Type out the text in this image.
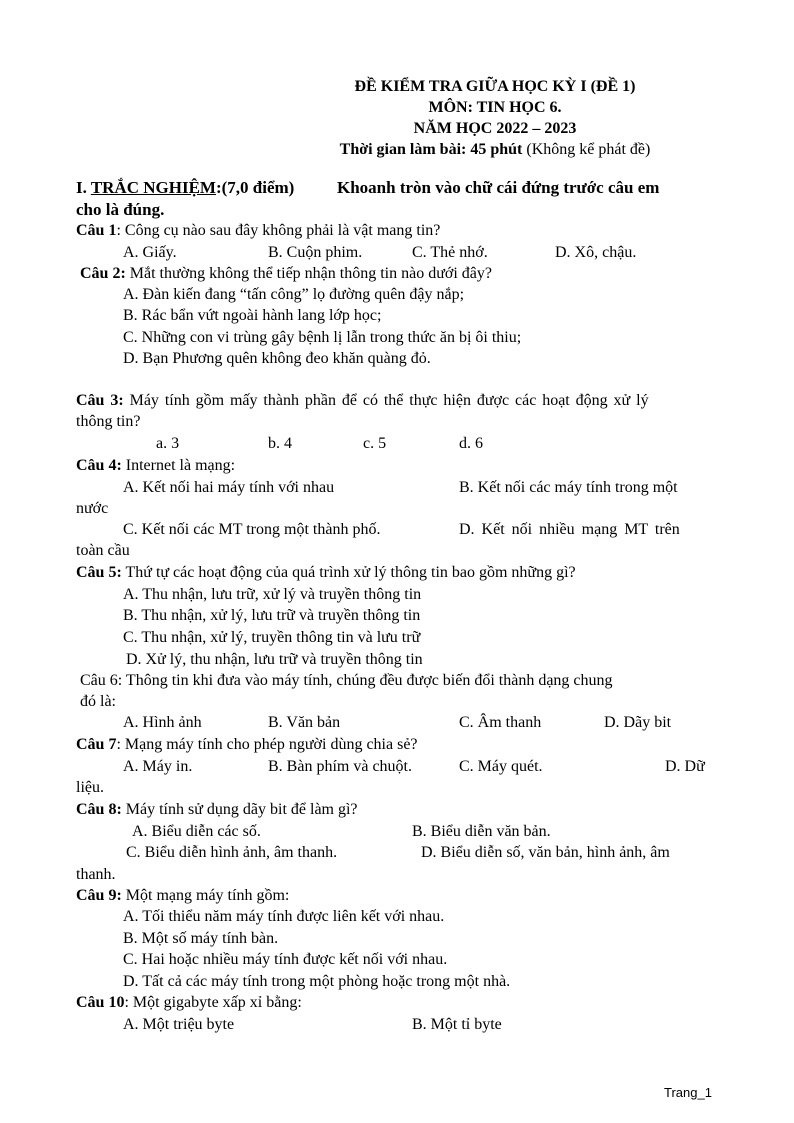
ĐỀ KIỂM TRA GIỮA HỌC KỲ I (ĐỀ 1)
MÔN: TIN HỌC 6.
NĂM HỌC 2022 – 2023
Thời gian làm bài: 45 phút (Không kể phát đề)
I. TRẮC NGHIỆM:(7,0 điểm)	Khoanh tròn vào chữ cái đứng trước câu em
cho là đúng.
Câu 1: Công cụ nào sau đây không phải là vật mang tin?
A. Giấy.	B. Cuộn phim.	C. Thẻ nhớ.	D. Xô, chậu.
Câu 2: Mắt thường không thể tiếp nhận thông tin nào dưới đây?
A. Đàn kiến đang “tấn công” lọ đường quên đậy nắp;
B. Rác bẩn vứt ngoài hành lang lớp học;
C. Những con vi trùng gây bệnh lị lẫn trong thức ăn bị ôi thiu;
D. Bạn Phương quên không đeo khăn quàng đỏ.
Câu 3: Máy tính gồm mấy thành phần để có thể thực hiện được các hoạt động xử lý
thông tin?
a. 3	b. 4	c. 5	d. 6
Câu 4: Internet là mạng:
A. Kết nối hai máy tính với nhau	B. Kết nối các máy tính trong một
nước
C. Kết nối các MT trong một thành phố.	D. Kết nối nhiều mạng MT trên
toàn cầu
Câu 5: Thứ tự các hoạt động của quá trình xử lý thông tin bao gồm những gì?
A. Thu nhận, lưu trữ, xử lý và truyền thông tin
B. Thu nhận, xử lý, lưu trữ và truyền thông tin
C. Thu nhận, xử lý, truyền thông tin và lưu trữ
D. Xử lý, thu nhận, lưu trữ và truyền thông tin
Câu 6: Thông tin khi đưa vào máy tính, chúng đều được biến đổi thành dạng chung
đó là:
A. Hình ảnh	B. Văn bản	C. Âm thanh	D. Dãy bit
Câu 7: Mạng máy tính cho phép người dùng chia sẻ?
A. Máy in.	B. Bàn phím và chuột.	C. Máy quét.	D. Dữ
liệu.
Câu 8: Máy tính sử dụng dãy bit để làm gì?
A. Biểu diễn các số.	B. Biểu diễn văn bản.
C. Biểu diễn hình ảnh, âm thanh.	D. Biểu diễn số, văn bản, hình ảnh, âm
thanh.
Câu 9: Một mạng máy tính gồm:
A. Tối thiểu năm máy tính được liên kết với nhau.
B. Một số máy tính bàn.
C. Hai hoặc nhiều máy tính được kết nối với nhau.
D. Tất cả các máy tính trong một phòng hoặc trong một nhà.
Câu 10: Một gigabyte xấp xỉ bằng:
A. Một triệu byte	B. Một tỉ byte
Trang_1
